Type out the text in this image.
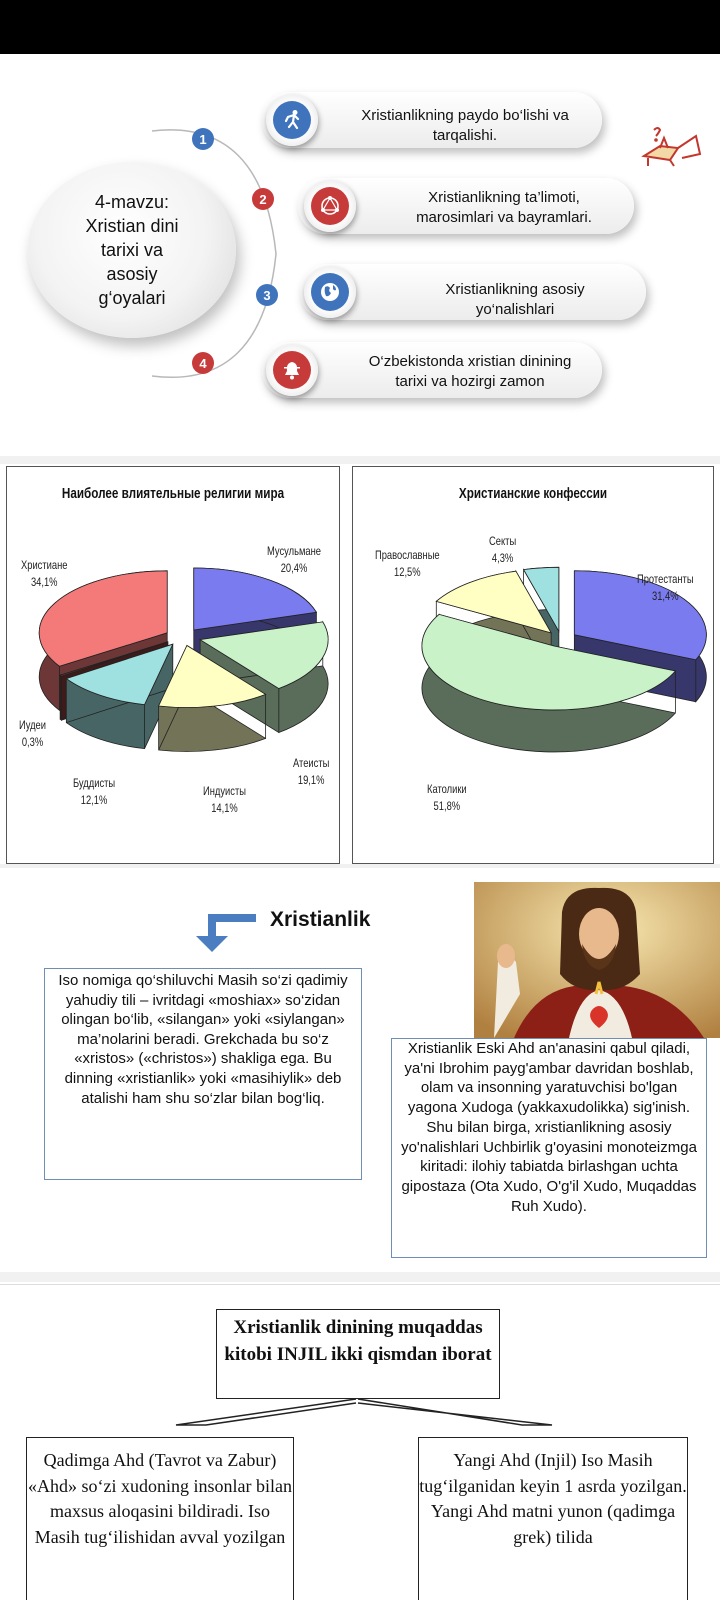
4-mavzu:
Xristian dini
tarixi va
asosiy
g‘oyalari
1
2
3
4
Xristianlikning paydo bo‘lishi va
tarqalishi.
Xristianlikning ta’limoti,
marosimlari va bayramlari.
Xristianlikning asosiy
yo‘nalishlari
O‘zbekistonda xristian dinining
tarixi va hozirgi zamon
Наиболее влиятельные религии мира
Мусульмане
20,4%
Атеисты
19,1%
Индуисты
14,1%
Буддисты
12,1%
Иудеи
0,3%
Христиане
34,1%
Христианские конфессии
Протестанты
31,4%
Католики
51,8%
Православные
12,5%
Секты
4,3%
Xristianlik
Iso nomiga qo‘shiluvchi Masih so‘zi qadimiy yahudiy tili – ivritdagi «moshiax» so‘zidan olingan bo‘lib, «silangan» yoki «siylangan» ma’nolarini beradi. Grekchada bu so‘z «xristos» («christos») shakliga ega. Bu dinning «xristianlik» yoki «masihiylik» deb atalishi ham shu so‘zlar bilan bog‘liq.
Xristianlik Eski Ahd an'anasini qabul qiladi, ya'ni Ibrohim payg'ambar davridan boshlab, olam va insonning yaratuvchisi bo'lgan yagona Xudoga (yakkaxudolikka) sig'inish. Shu bilan birga, xristianlikning asosiy yo'nalishlari Uchbirlik g'oyasini monoteizmga kiritadi: ilohiy tabiatda birlashgan uchta gipostaza (Ota Xudo, O'g'il Xudo, Muqaddas Ruh Xudo).
Xristianlik dinining muqaddas kitobi INJIL ikki qismdan iborat
Qadimga Ahd (Tavrot va Zabur) «Ahd» so‘zi xudoning insonlar bilan maxsus aloqasini bildiradi. Iso Masih tug‘ilishidan avval yozilgan
Yangi Ahd (Injil) Iso Masih tug‘ilganidan keyin 1 asrda yozilgan. Yangi Ahd matni yunon (qadimga grek) tilida
